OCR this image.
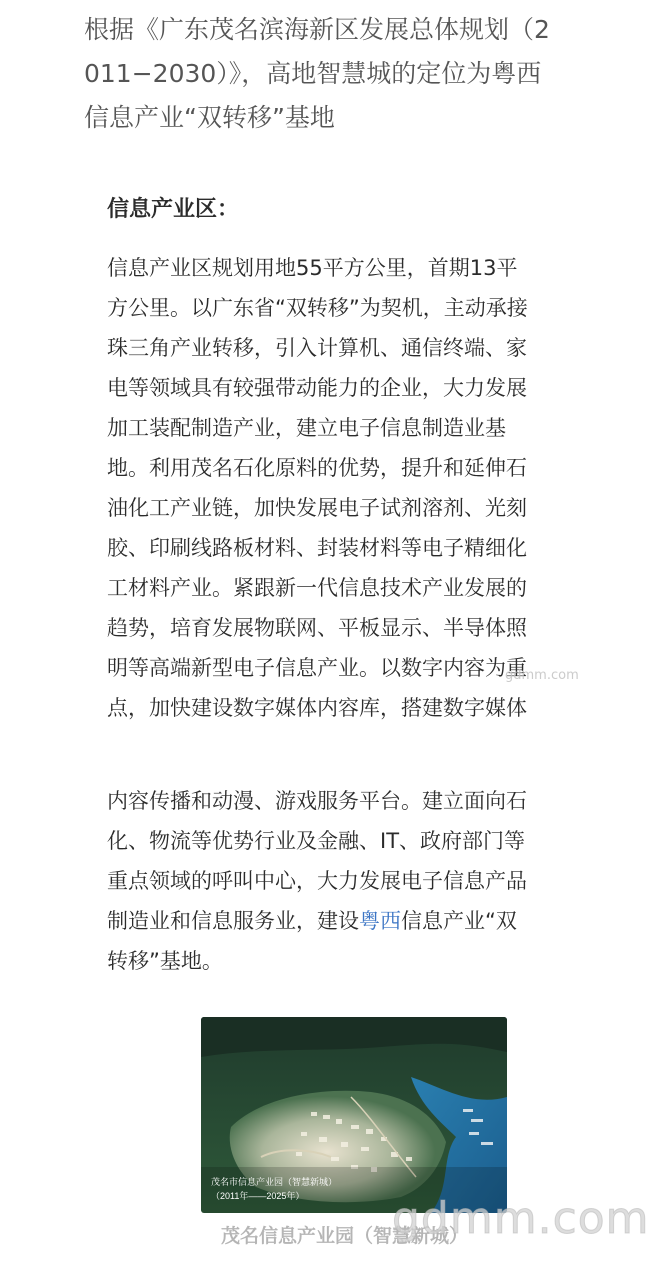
根据《广东茂名滨海新区发展总体规划（2
011−2030）》，高地智慧城的定位为粤西
信息产业“双转移”基地
信息产业区：
信息产业区规划用地55平方公里，首期13平
方公里。以广东省“双转移”为契机，主动承接
珠三角产业转移，引入计算机、通信终端、家
电等领域具有较强带动能力的企业，大力发展
加工装配制造产业，建立电子信息制造业基
地。利用茂名石化原料的优势，提升和延伸石
油化工产业链，加快发展电子试剂溶剂、光刻
胶、印刷线路板材料、封装材料等电子精细化
工材料产业。紧跟新一代信息技术产业发展的
趋势，培育发展物联网、平板显示、半导体照
明等高端新型电子信息产业。以数字内容为重
点，加快建设数字媒体内容库，搭建数字媒体
gdmm.com
内容传播和动漫、游戏服务平台。建立面向石
化、物流等优势行业及金融、IT、政府部门等
重点领域的呼叫中心，大力发展电子信息产品
制造业和信息服务业，建设粤西信息产业“双
转移”基地。
茂名市信息产业园（智慧新城）
（2011年——2025年）
茂名信息产业园（智慧新城）
gdmm.com
